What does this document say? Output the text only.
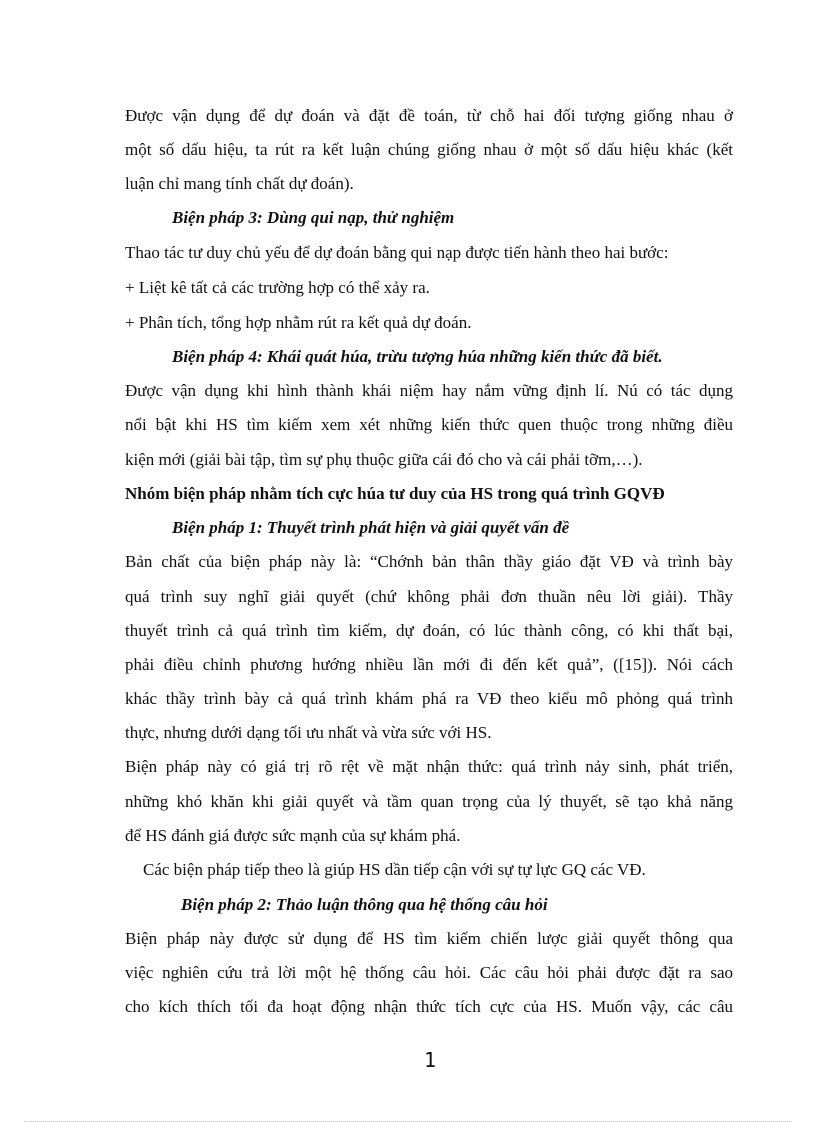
Được vận dụng để dự đoán và đặt đề toán, từ chỗ hai đối tượng giống nhau ở
một số dấu hiệu, ta rút ra kết luận chúng giống nhau ở một số dấu hiệu khác (kết
luận chỉ mang tính chất dự đoán).
Biện pháp 3: Dùng qui nạp, thử nghiệm
Thao tác tư duy chủ yếu để dự đoán bằng qui nạp được tiến hành theo hai bước:
+ Liệt kê tất cả các trường hợp có thể xảy ra.
+ Phân tích, tổng hợp nhằm rút ra kết quả dự đoán.
Biện pháp 4: Khái quát húa, trừu tượng húa những kiến thức đã biết.
Được vận dụng khi hình thành khái niệm hay nắm vững định lí. Nú có tác dụng
nổi bật khi HS tìm kiếm xem xét những kiến thức quen thuộc trong những điều
kiện mới (giải bài tập, tìm sự phụ thuộc giữa cái đó cho và cái phải tỡm,…).
Nhóm biện pháp nhằm tích cực húa tư duy của HS trong quá trình GQVĐ
Biện pháp 1: Thuyết trình phát hiện và giải quyết vấn đề
Bản chất của biện pháp này là: “Chớnh bản thân thầy giáo đặt VĐ và trình bày
quá trình suy nghĩ giải quyết (chứ không phải đơn thuần nêu lời giải). Thầy
thuyết trình cả quá trình tìm kiếm, dự đoán, có lúc thành công, có khi thất bại,
phải điều chỉnh phương hướng nhiều lần mới đi đến kết quả”, ([15]). Nói cách
khác thầy trình bày cả quá trình khám phá ra VĐ theo kiểu mô phỏng quá trình
thực, nhưng dưới dạng tối ưu nhất và vừa sức với HS.
Biện pháp này có giá trị rõ rệt về mặt nhận thức: quá trình nảy sinh, phát triển,
những khó khăn khi giải quyết và tầm quan trọng của lý thuyết, sẽ tạo khả năng
để HS đánh giá được sức mạnh của sự khám phá.
Các biện pháp tiếp theo là giúp HS dần tiếp cận với sự tự lực GQ các VĐ.
Biện pháp 2: Thảo luận thông qua hệ thống câu hỏi
Biện pháp này được sử dụng để HS tìm kiếm chiến lược giải quyết thông qua
việc nghiên cứu trả lời một hệ thống câu hỏi. Các câu hỏi phải được đặt ra sao
cho kích thích tối đa hoạt động nhận thức tích cực của HS. Muốn vậy, các câu
1
